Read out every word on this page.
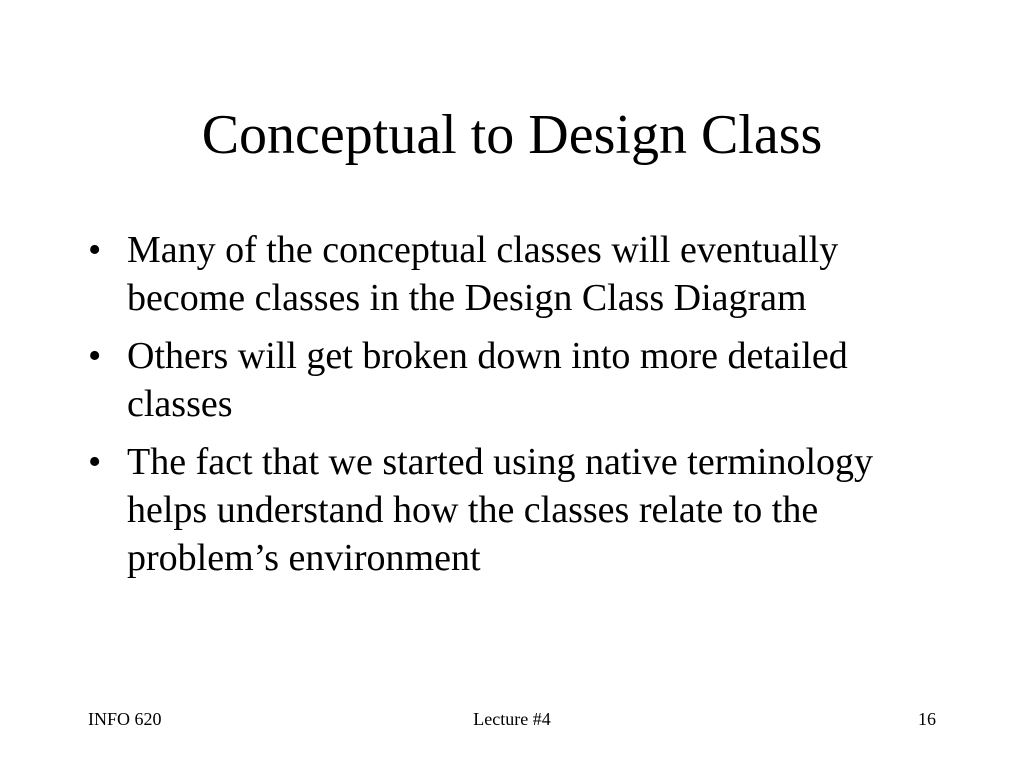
Conceptual to Design Class
• Many of the conceptual classes will eventually become classes in the Design Class Diagram
• Others will get broken down into more detailed classes
• The fact that we started using native terminology helps understand how the classes relate to the problem’s environment
Lecture #4
INFO 620	16
